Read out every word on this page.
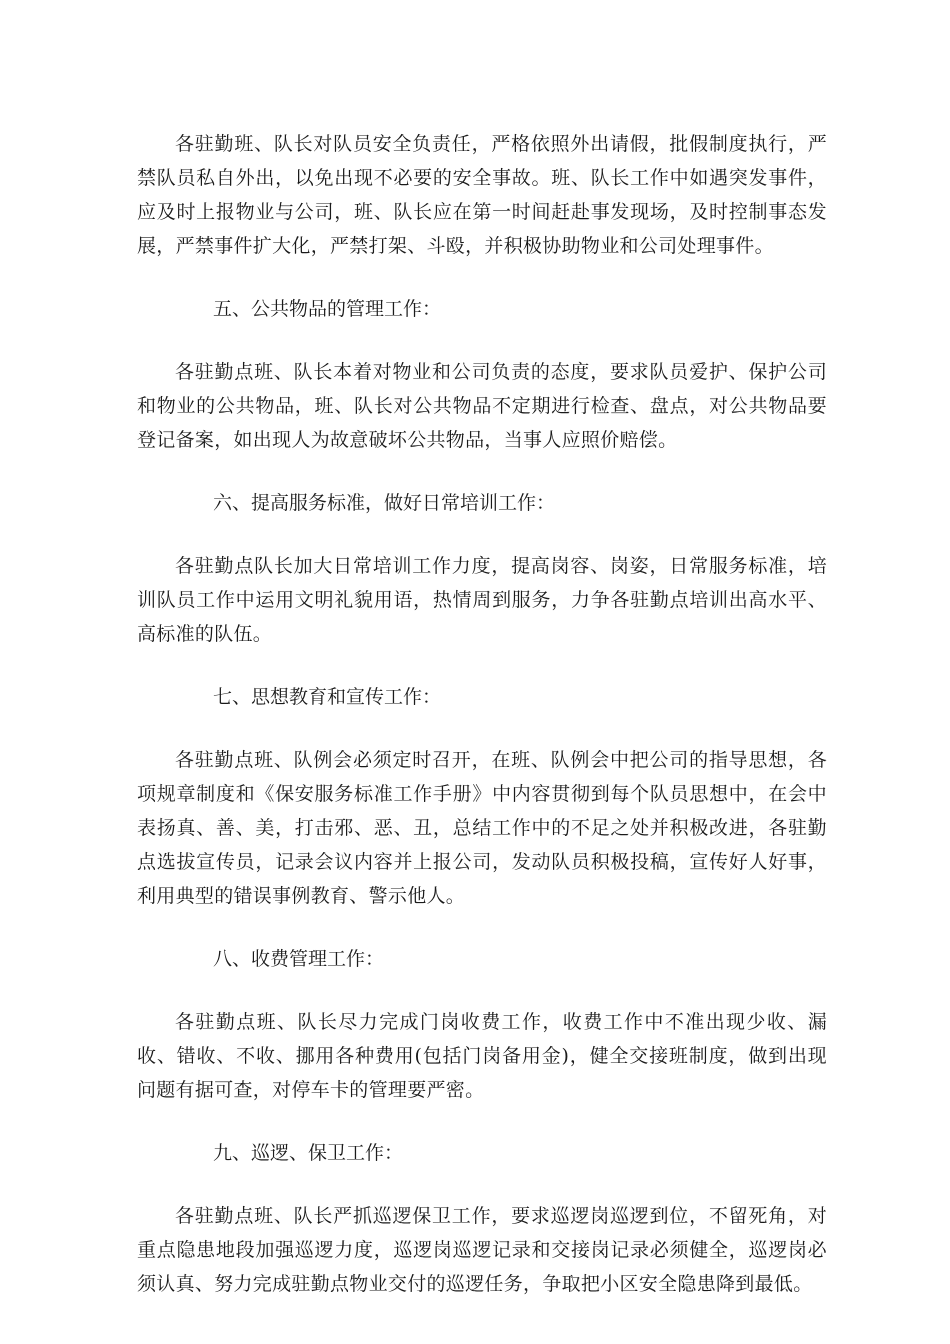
各驻勤班、队长对队员安全负责任，严格依照外出请假，批假制度执行，严禁队员私自外出，以免出现不必要的安全事故。班、队长工作中如遇突发事件，应及时上报物业与公司，班、队长应在第一时间赶赴事发现场，及时控制事态发展，严禁事件扩大化，严禁打架、斗殴，并积极协助物业和公司处理事件。

五、公共物品的管理工作：

各驻勤点班、队长本着对物业和公司负责的态度，要求队员爱护、保护公司和物业的公共物品，班、队长对公共物品不定期进行检查、盘点，对公共物品要登记备案，如出现人为故意破坏公共物品，当事人应照价赔偿。

六、提高服务标准，做好日常培训工作：

各驻勤点队长加大日常培训工作力度，提高岗容、岗姿，日常服务标准，培训队员工作中运用文明礼貌用语，热情周到服务，力争各驻勤点培训出高水平、高标准的队伍。

七、思想教育和宣传工作：

各驻勤点班、队例会必须定时召开，在班、队例会中把公司的指导思想，各项规章制度和《保安服务标准工作手册》中内容贯彻到每个队员思想中，在会中表扬真、善、美，打击邪、恶、丑，总结工作中的不足之处并积极改进，各驻勤点选拔宣传员，记录会议内容并上报公司，发动队员积极投稿，宣传好人好事，利用典型的错误事例教育、警示他人。

八、收费管理工作：

各驻勤点班、队长尽力完成门岗收费工作，收费工作中不准出现少收、漏收、错收、不收、挪用各种费用(包括门岗备用金)，健全交接班制度，做到出现问题有据可查，对停车卡的管理要严密。

九、巡逻、保卫工作：

各驻勤点班、队长严抓巡逻保卫工作，要求巡逻岗巡逻到位，不留死角，对重点隐患地段加强巡逻力度，巡逻岗巡逻记录和交接岗记录必须健全，巡逻岗必须认真、努力完成驻勤点物业交付的巡逻任务，争取把小区安全隐患降到最低。
